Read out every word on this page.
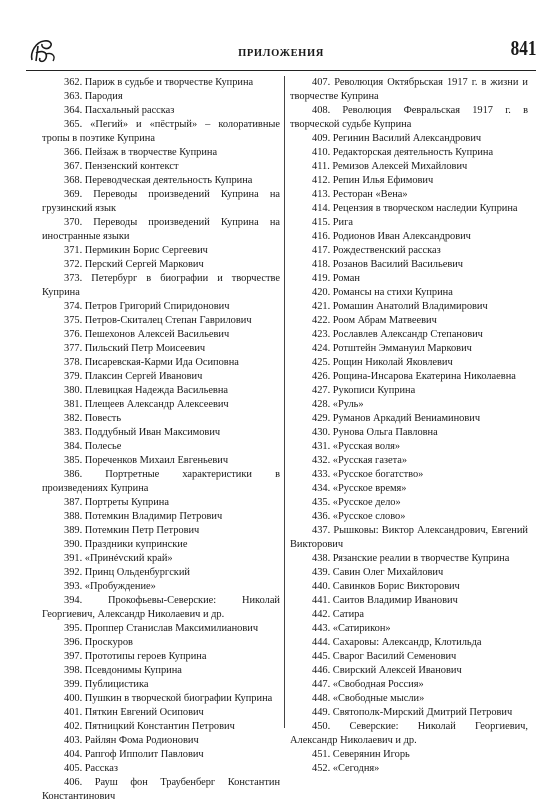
ПРИЛОЖЕНИЯ	841

362. Париж в судьбе и творчестве Куприна

363. Пародия

364. Пасхальный рассказ

365. «Пегий» и «пёстрый» – колоративные тропы в поэтике Куприна

366. Пейзаж в творчестве Куприна

367. Пензенский контекст

368. Переводческая деятельность Куприна

369. Переводы произведений Куприна на грузинский язык

370. Переводы произведений Куприна на иностранные языки

371. Пермикин Борис Сергеевич

372. Перский Сергей Маркович

373. Петербург в биографии и творчестве Куприна

374. Петров Григорий Спиридонович

375. Петров-Скиталец Степан Гаврилович

376. Пешехонов Алексей Васильевич

377. Пильский Петр Моисеевич

378. Писаревская-Карми Ида Осиповна

379. Плаксин Сергей Иванович

380. Плевицкая Надежда Васильевна

381. Плещеев Александр Алексеевич

382. Повесть

383. Поддубный Иван Максимович

384. Полесье

385. Пореченков Михаил Евгеньевич

386. Портретные характеристики в произведениях Куприна

387. Портреты Куприна

388. Потемкин Владимир Петрович

389. Потемкин Петр Петрович

390. Праздники купринские

391. «Принévский край»

392. Принц Ольденбургский

393. «Пробуждение»

394. Прокофьевы-Северские: Николай Георгиевич, Александр Николаевич и др.

395. Проппер Станислав Максимилианович

396. Проскуров

397. Прототипы героев Куприна

398. Псевдонимы Куприна

399. Публицистика

400. Пушкин в творческой биографии Куприна

401. Пяткин Евгений Осипович

402. Пятницкий Константин Петрович

403. Райлян Фома Родионович

404. Рапгоф Ипполит Павлович

405. Рассказ

406. Рауш фон Траубенберг Константин Константинович

407. Революция Октябрьская 1917 г. в жизни и творчестве Куприна

408. Революция Февральская 1917 г. в творческой судьбе Куприна

409. Регинин Василий Александрович

410. Редакторская деятельность Куприна

411. Ремизов Алексей Михайлович

412. Репин Илья Ефимович

413. Ресторан «Вена»

414. Рецензия в творческом наследии Куприна

415. Рига

416. Родионов Иван Александрович

417. Рождественский рассказ

418. Розанов Василий Васильевич

419. Роман

420. Романсы на стихи Куприна

421. Ромашин Анатолий Владимирович

422. Роом Абрам Матвеевич

423. Рославлев Александр Степанович

424. Ротштейн Эммануил Маркович

425. Рощин Николай Яковлевич

426. Рощина-Инсарова Екатерина Николаевна

427. Рукописи Куприна

428. «Руль»

429. Руманов Аркадий Вениаминович

430. Рунова Ольга Павловна

431. «Русская воля»

432. «Русская газета»

433. «Русское богатство»

434. «Русское время»

435. «Русское дело»

436. «Русское слово»

437. Рышковы: Виктор Александрович, Евгений Викторович

438. Рязанские реалии в творчестве Куприна

439. Савин Олег Михайлович

440. Савинков Борис Викторович

441. Саитов Владимир Иванович

442. Сатира

443. «Сатирикон»

444. Сахаровы: Александр, Клотильда

445. Сварог Василий Семенович

446. Свирский Алексей Иванович

447. «Свободная Россия»

448. «Свободные мысли»

449. Святополк-Мирский Дмитрий Петрович

450. Северские: Николай Георгиевич, Александр Николаевич и др.

451. Северянин Игорь

452. «Сегодня»
